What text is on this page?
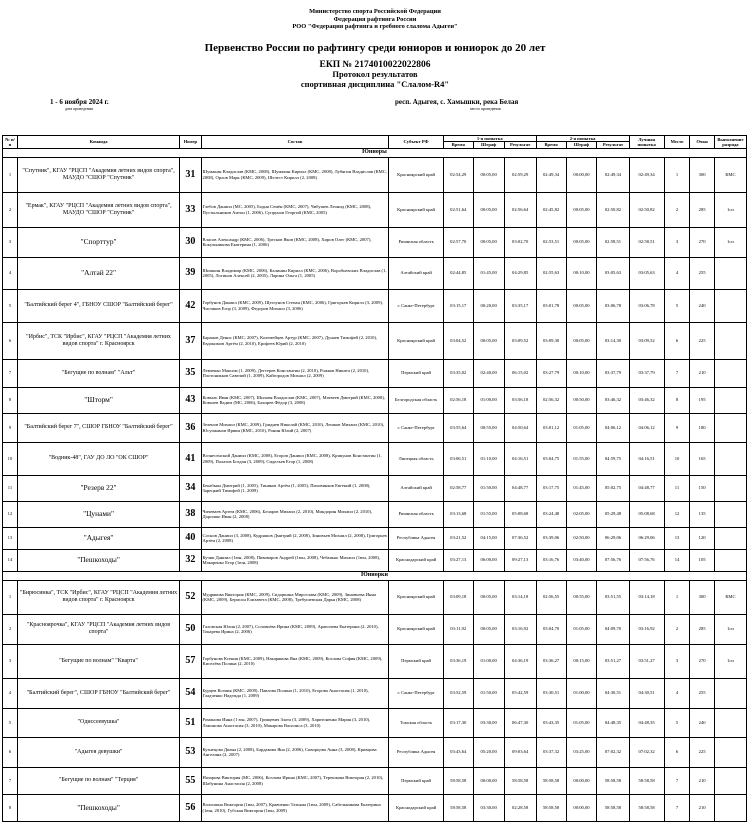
Министерство спорта Российской Федерации
Федерация рафтинга России
РОО "Федерация рафтинга и гребного слалома Адыгеи"
Первенство России по рафтингу среди юниоров и юниорок до 20 лет
ЕКП № 2174010022022806
Протокол результатов
спортивная дисциплина "Слалом-R4"
1 - 6 ноября 2024 г.
дата проведения
респ. Адыгея, с. Хамышки, река Белая
место проведения
№ п/п	Команда	Номер	Состав	Субъект РФ	1-я попытка			2-я попытка			Лучшая попытка	Место	Очки	Выполнение разряда
					Время	Штраф	Результат	Время	Штраф	Результат				
Юниоры														
1	"Спутник", КГАУ "РЦСП "Академия летних видов спорта", МАУДО "СШОР "Спутник"	31	Шумакин Владислав (КМС, 2008), Шумакин Кирилл (КМС, 2008), Лубягин Владислав (КМС, 2008), Орлов Марк (КМС, 2009), Шелест Кирилл (2, 2008)	Красноярский край	02:54,29	00:05,00	02:59,29	02:49,34	00:00,00	02:49,34	02:49,34	1	300	КМС
2	"Ермак", КГАУ "РЦСП "Академия летних видов спорта", МАУДО "СШОР "Спутник"	33	Глебов Даниил (МС, 2005), Бодня Семён (КМС, 2007), Чибушев Леонид (КМС, 2008), Пустыльников Антон (1, 2006), Супрунов Георгий (КМС, 2005)	Красноярский край	02:51,64	00:05,00	02:56,64	02:45,82	00:05,00	02:50,82	02:50,82	2	285	1сп
3	"Спорттур"	30	Власов Александр (КМС, 2006), Тресков Яков (КМС, 2008), Хиров Олег (КМС, 2007), Кокульникова Екатерина (1, 2006)	Рязанская область	02:57,70	00:05,00	03:02,70	02:53,51	00:05,00	02:58,51	02:58,51	3	270	1сп
4	"Алтай 22"	39	Шишкин Владимир (КМС, 2006), Калинин Кирилл (КМС, 2006), Воробьевских Владислав (1, 2005), Логинов Алексей (2, 2005), Ларина Ольга (1, 2005)	Алтайский край	02:44,85	01:45,00	04:29,85	02:55,63	00:10,00	03:05,63	03:05,63	4	255	
5	"Балтийский берег 4", ГБНОУ СШОР "Балтийский берег"	42	Горбунов Даниил (КМС, 2009), Щеглунов Степан (КМС, 2006), Григорьев Кирилл (3, 2009), Чистяков Егор (3, 2009), Федоров Михаил (3, 2006)	г. Санкт-Петербург	03:15,17	00:20,00	03:35,17	03:01,78	00:05,00	03:06,78	03:06,78	5	240	
6	"Ирбис", ТСК "Ирбис", КГАУ "РЦСП "Академия летних видов спорта" г. Красноярск	37	Баранов Денис (КМС, 2007), Колемейцев Артур (КМС, 2007), Дунаев Тимофей (2, 2010), Евдокимов Артём (2, 2010), Ерофеев Юрий (2, 2010)	Красноярский край	03:04,52	00:05,00	03:09,52	03:09,30	00:05,00	03:14,30	03:09,52	6	225	
7	"Бегущие по волнам" "Альт"	35	Левченко Максим (1, 2009), Дегтерев Константин (2, 2010), Рожков Никита (2, 2010), Плотоникков Савелий (1, 2009), Кайгородов Михаил (2, 2009)	Пермский край	03:35,02	02:40,00	06:15,02	03:27,79	00:10,00	03:37,79	03:37,79	7	210	
8	"Шторм"	43	Ковыль Иван (КМС, 2007), Шиловя Владислав (КМС, 2007), Матвеев Дмитрий (КМС, 2008), Ковалев Вадим (МС, 2006), Бахирев Фёдор (3, 2008)	Белгородская область	02:56,18	01:00,00	03:56,18	02:56,32	00:50,00	03:46,32	03:46,32	8	195	
9	"Балтийский берег 7", СШОР ГБНОУ "Балтийский берег"	36	Зеленов Михаил (КМС, 2009), Гриднев Николай (КМС, 2010), Лешков Михаил (КМС, 2010), Юсупжанов Ирвин (КМС, 2010), Ронин Юлий (2, 2007)	г. Санкт-Петербург	03:55,64	00:55,00	04:50,64	03:01,12	01:05,00	04:06,12	04:06,12	9	180	
10	"Водник-48", ГАУ ДО ЛО "ОК СШОР"	41	Вознесенский Даниил (КМС, 2008), Егоров Даниил (КМС, 2008), Крикунов Константин (1, 2009), Палатов Богдан (3, 2009), Сидельев Егор (1, 2008)	Липецкая область	03:06,51	01:10,00	04:16,51	03:04,75	01:55,00	04:59,75	04:16,51	10	165	
11	"Резерв 22"	34	Бекабкин Дмитрий (1, 2005), Тиняков Артём (1, 2005), Пиховинков Евгений (1, 2008), Зарецкий Тимофей (1, 2009)	Алтайский край	02:58,77	01:50,00	04:48,77	03:17,75	01:45,00	05:02,75	04:48,77	11	150	
12	"Цунами"	38	Чичеваев Артем (КМС, 2006), Бочаров Михаил (2, 2010), Миндорин Михаил (2, 2010), Дорошко Иван (2, 2008)	Рязанская область	03:13,68	01:55,00	05:08,68	03:24,48	02:05,00	05:29,48	05:08,68	12	135	
13	"Адыгея"	40	Соснов Даниил (3, 2008), Кудряшов Дмитрий (2, 2008), Зиновьев Михаил (2, 2008), Григорьев Артём (2, 2008)	Республика Адыгея	03:21,52	04:15,00	07:36,52	03:39,06	02:50,00	06:29,06	06:29,06	13	120	
14	"Пешкоходы"	32	Кучик Даниил (1юн, 2008), Пивоваров Андрей (1юн, 2008), Чебанько Михаил (1юн, 2008), Макаренко Егор (1юн, 2008)	Краснодарский край	03:27,13	06:00,00	09:27,13	03:16,76	03:40,00	07:56,76	07:56,76	14	105	
Юниорки														
1	"Бирюсинка", ТСК "Ирбис", КГАУ "РЦСП "Академия летних видов спорта" г. Красноярск	52	Мудрякова Виктория (КМС, 2009), Сидоркина Мирослава (КМС, 2009), Зиновьева Инна (КМС, 2009), Берисон Елизавета (КМС, 2008), Требушевская Дарья (КМС, 2008)	Красноярский край	03:09,18	00:05,00	03:14,18	02:56,55	00:55,00	03:51,55	03:14,18	1	300	КМС
2	"Красноярочка", КГАУ "РЦСП "Академия летних видов спорта"	50	Галовская Юлия (2, 2007), Соловьёва Ирина (КМС, 2009), Арапочева Екатерина (2, 2010), Токарева Ирина (2, 2006)	Красноярский край	03:11,92	00:05,00	03:16,92	03:04,70	01:05,00	04:09,70	03:16,92	2	285	1сп
3	"Бегущие по волнам" "Кварта"	57	Горбунова Ксения (КМС, 2009), Накарякова Яна (КМС, 2009), Козлова София (КМС, 2009), Киселёва Полина (2, 2010)	Пермский край	03:36,19	01:00,00	04:36,19	03:36,27	00:15,00	03:51,27	03:51,27	3	270	1сп
4	"Балтийский берег", СШОР ГБНОУ "Балтийский берег"	54	Бурцев Ксения (КМС, 2009), Павлова Полина (1, 2010), Егорова Анастасия (1, 2010), Гладченко Надежда (1, 2009)	г. Санкт-Петербург	03:52,59	01:50,00	05:42,59	03:30,51	01:00,00	04:30,51	04:30,51	4	255	
5	"Одиссеевушка"	51	Романова Инна (1 юн, 2007), Грищевич Злата (3, 2009), Харитоненко Мария (3, 2010), Ламонова Анастасия (3, 2010), Макарова Василиса (3, 2010)	Томская область	03:17,30	03:30,00	06:47,30	03:43,35	01:05,00	04:48,35	04:48,35	5	240	
6	"Адыгея девушки"	53	Кузнецова Диана (2, 2008), Бардакова Яна (2, 2006), Скворцова Анна (3, 2008), Кривцова Ангелина (2, 2007)	Республика Адыгея	03:43,64	05:20,00	09:03,64	03:37,32	03:25,00	07:02,32	07:02,32	6	225	
7	"Бегущие по волнам" "Терция"	55	Назарова Виктория (МС, 2006), Козлова Ирина (КМС, 2007), Терешкова Виктория (2, 2010), Шабунина Анастасия (2, 2008)	Пермский край	58:58,58	00:00,00	58:58,58	58:58,58	00:00,00	58:58,58	58:58,58	7	210	
8	"Пешкоходы"	56	Волошина Виктория (1юн, 2007), Кравченко Татьяна (1юн, 2009), Сабельникова Екатерина (1юн, 2010), Губская Виктория (1юн, 2009)	Краснодарский край	58:58,58	03:30,00	02:28,58	58:58,58	00:00,00	58:58,58	58:58,58	7	210	
